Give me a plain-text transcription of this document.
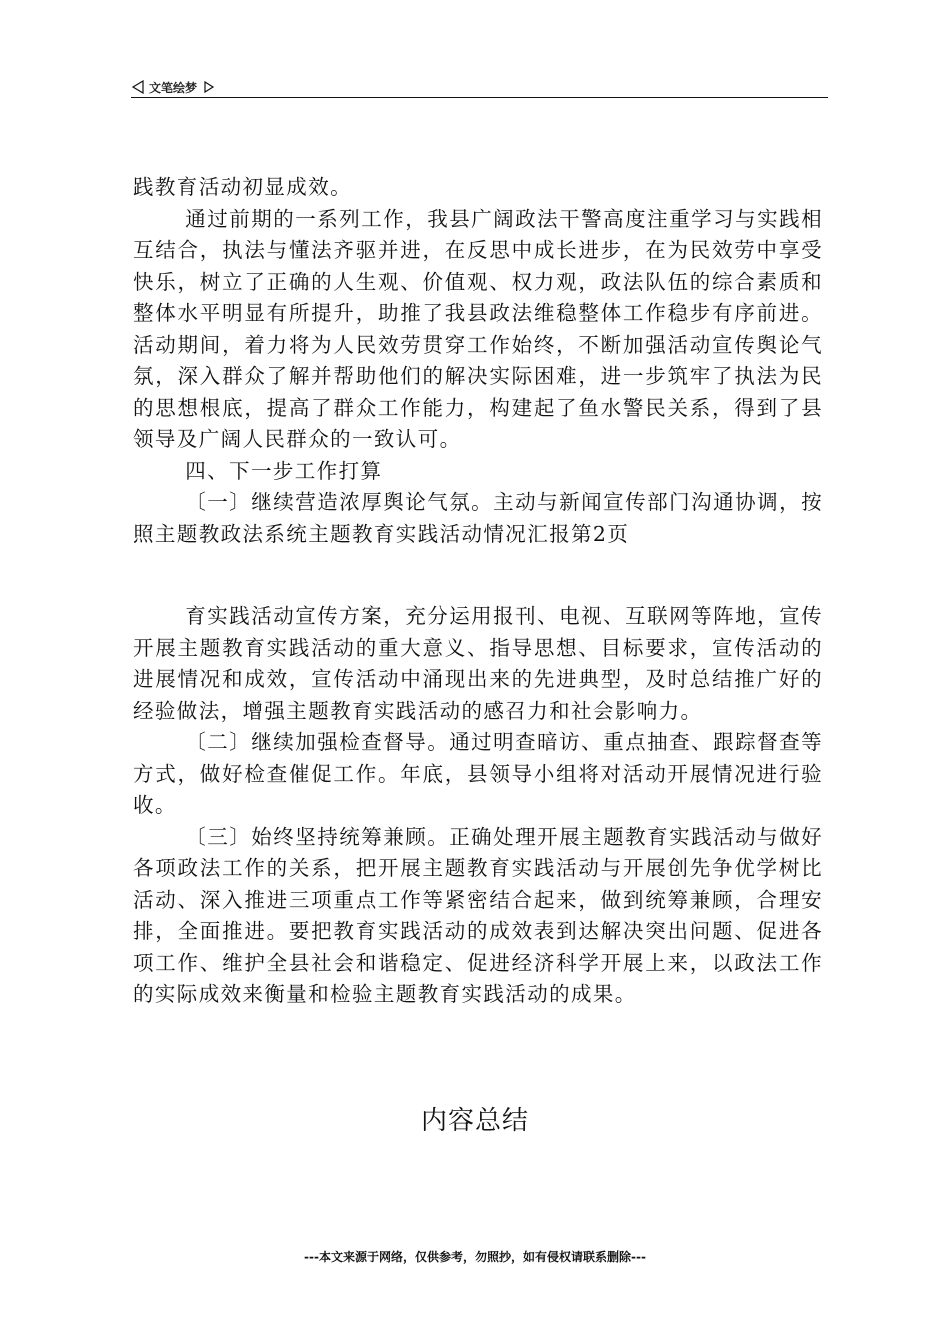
文笔绘梦

践教育活动初显成效。

通过前期的一系列工作，我县广阔政法干警高度注重学习与实践相互结合，执法与懂法齐驱并进，在反思中成长进步，在为民效劳中享受快乐，树立了正确的人生观、价值观、权力观，政法队伍的综合素质和整体水平明显有所提升，助推了我县政法维稳整体工作稳步有序前进。活动期间，着力将为人民效劳贯穿工作始终，不断加强活动宣传舆论气氛，深入群众了解并帮助他们的解决实际困难，进一步筑牢了执法为民的思想根底，提高了群众工作能力，构建起了鱼水警民关系，得到了县领导及广阔人民群众的一致认可。

四、下一步工作打算

〔一〕继续营造浓厚舆论气氛。主动与新闻宣传部门沟通协调，按照主题教政法系统主题教育实践活动情况汇报第2页

育实践活动宣传方案，充分运用报刊、电视、互联网等阵地，宣传开展主题教育实践活动的重大意义、指导思想、目标要求，宣传活动的进展情况和成效，宣传活动中涌现出来的先进典型，及时总结推广好的经验做法，增强主题教育实践活动的感召力和社会影响力。

〔二〕继续加强检查督导。通过明查暗访、重点抽查、跟踪督查等方式，做好检查催促工作。年底，县领导小组将对活动开展情况进行验收。

〔三〕始终坚持统筹兼顾。正确处理开展主题教育实践活动与做好各项政法工作的关系，把开展主题教育实践活动与开展创先争优学树比活动、深入推进三项重点工作等紧密结合起来，做到统筹兼顾，合理安排，全面推进。要把教育实践活动的成效表到达解决突出问题、促进各项工作、维护全县社会和谐稳定、促进经济科学开展上来，以政法工作的实际成效来衡量和检验主题教育实践活动的成果。

内容总结
---本文来源于网络，仅供参考，勿照抄，如有侵权请联系删除---
